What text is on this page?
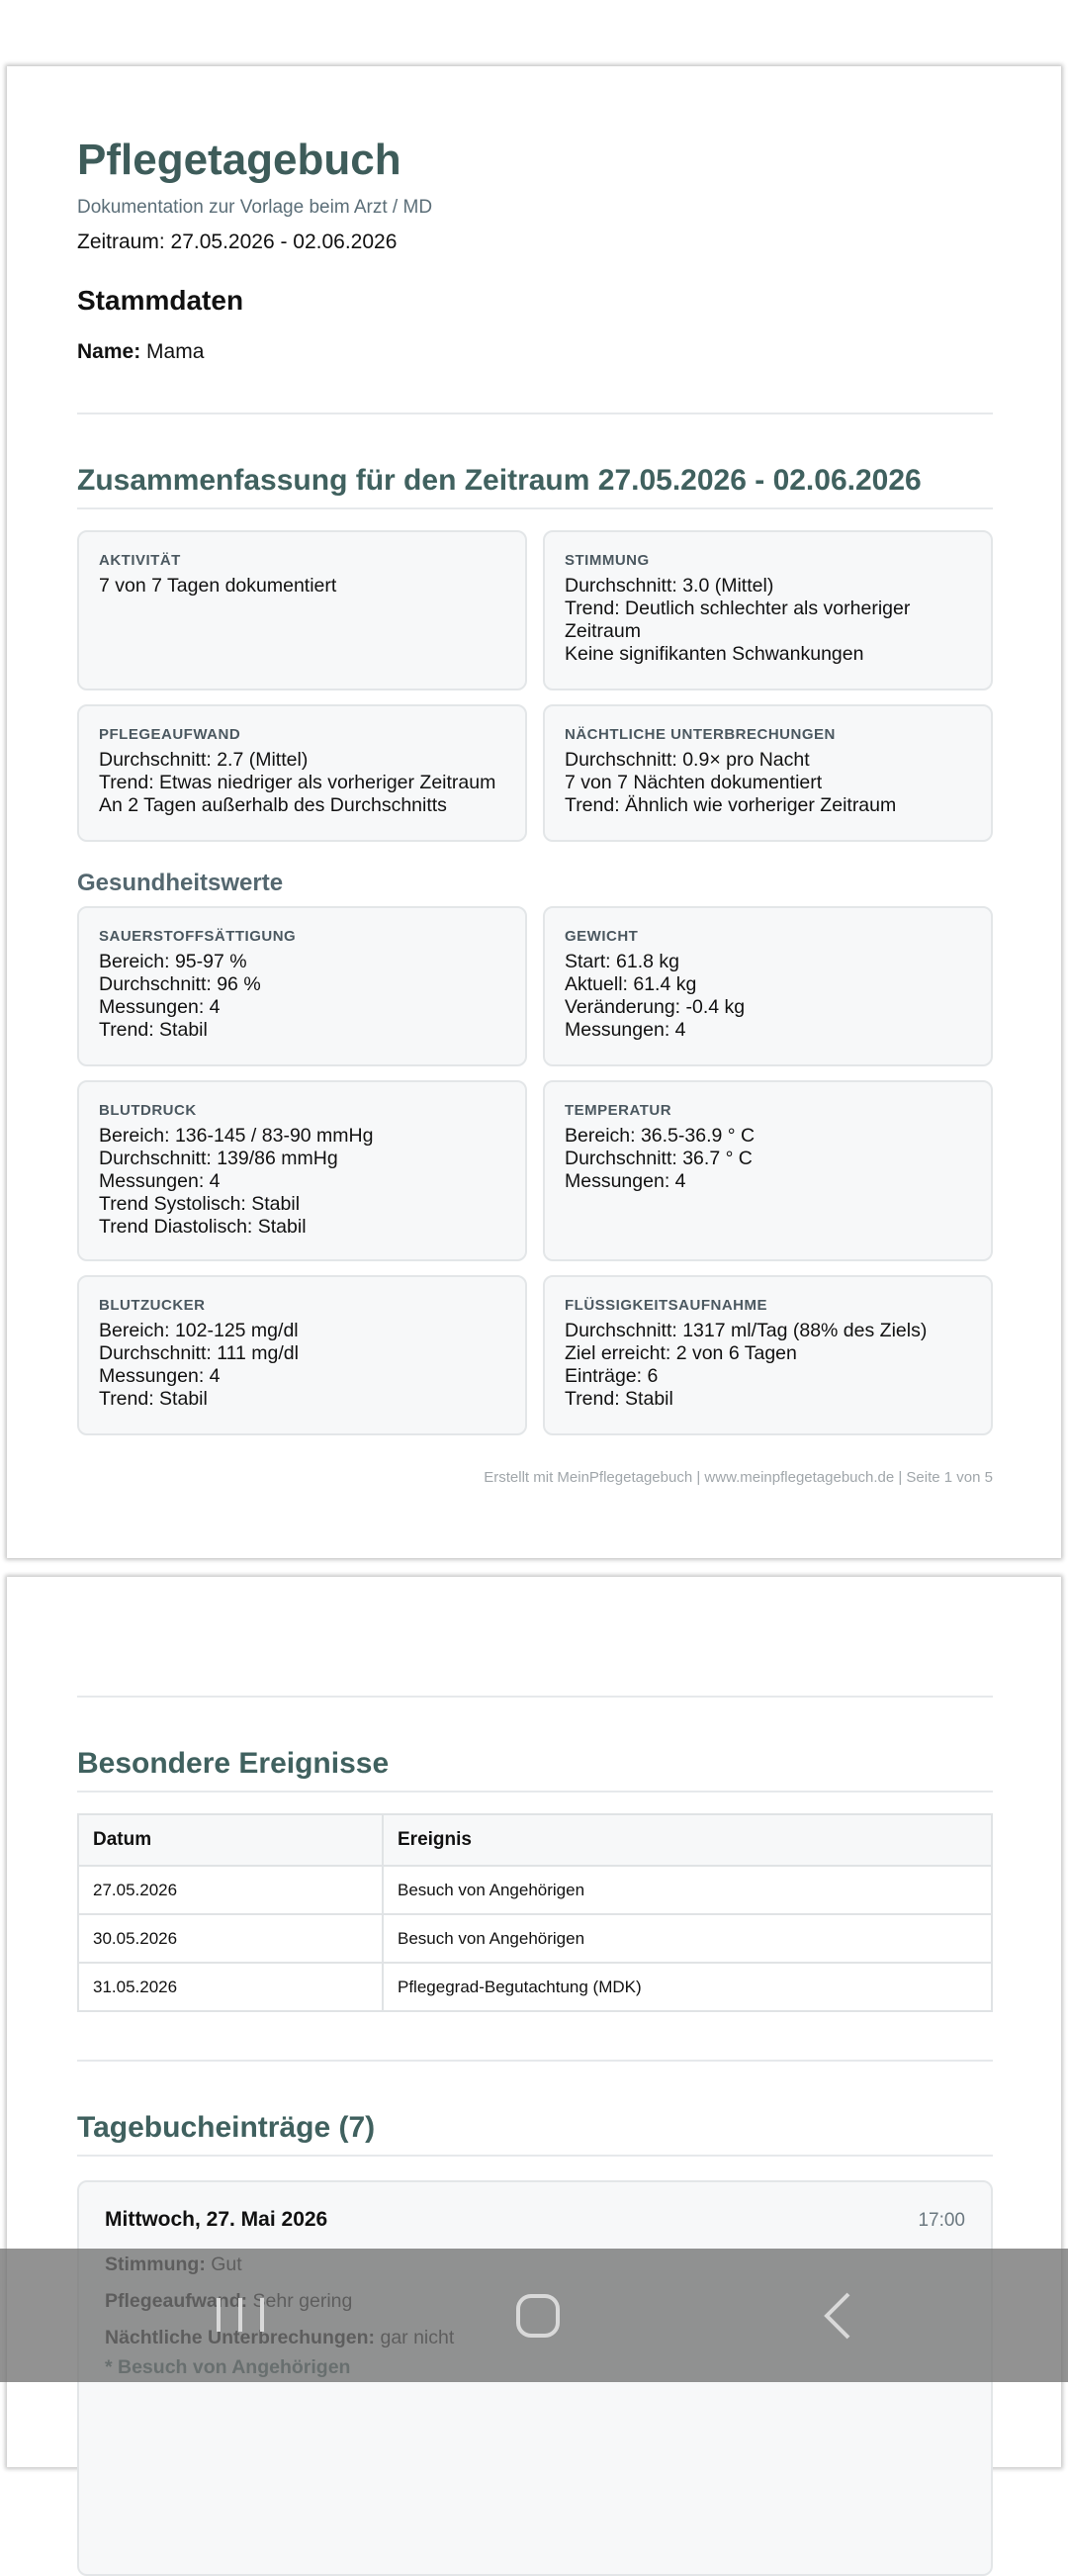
Pflegetagebuch
Dokumentation zur Vorlage beim Arzt / MD
Zeitraum: 27.05.2026 - 02.06.2026
Stammdaten
Name: Mama
Zusammenfassung für den Zeitraum 27.05.2026 - 02.06.2026
AKTIVITÄT
7 von 7 Tagen dokumentiert
STIMMUNG
Durchschnitt: 3.0 (Mittel)
Trend: Deutlich schlechter als vorheriger
Zeitraum
Keine signifikanten Schwankungen
PFLEGEAUFWAND
Durchschnitt: 2.7 (Mittel)
Trend: Etwas niedriger als vorheriger Zeitraum
An 2 Tagen außerhalb des Durchschnitts
NÄCHTLICHE UNTERBRECHUNGEN
Durchschnitt: 0.9× pro Nacht
7 von 7 Nächten dokumentiert
Trend: Ähnlich wie vorheriger Zeitraum
Gesundheitswerte
SAUERSTOFFSÄTTIGUNG
Bereich: 95-97 %
Durchschnitt: 96 %
Messungen: 4
Trend: Stabil
GEWICHT
Start: 61.8 kg
Aktuell: 61.4 kg
Veränderung: -0.4 kg
Messungen: 4
BLUTDRUCK
Bereich: 136-145 / 83-90 mmHg
Durchschnitt: 139/86 mmHg
Messungen: 4
Trend Systolisch: Stabil
Trend Diastolisch: Stabil
TEMPERATUR
Bereich: 36.5-36.9 ° C
Durchschnitt: 36.7 ° C
Messungen: 4
BLUTZUCKER
Bereich: 102-125 mg/dl
Durchschnitt: 111 mg/dl
Messungen: 4
Trend: Stabil
FLÜSSIGKEITSAUFNAHME
Durchschnitt: 1317 ml/Tag (88% des Ziels)
Ziel erreicht: 2 von 6 Tagen
Einträge: 6
Trend: Stabil
Erstellt mit MeinPflegetagebuch | www.meinpflegetagebuch.de | Seite 1 von 5
Besondere Ereignisse
Datum	Ereignis
27.05.2026	Besuch von Angehörigen
30.05.2026	Besuch von Angehörigen
31.05.2026	Pflegegrad-Begutachtung (MDK)
Tagebucheinträge (7)
Mittwoch, 27. Mai 2026	17:00
